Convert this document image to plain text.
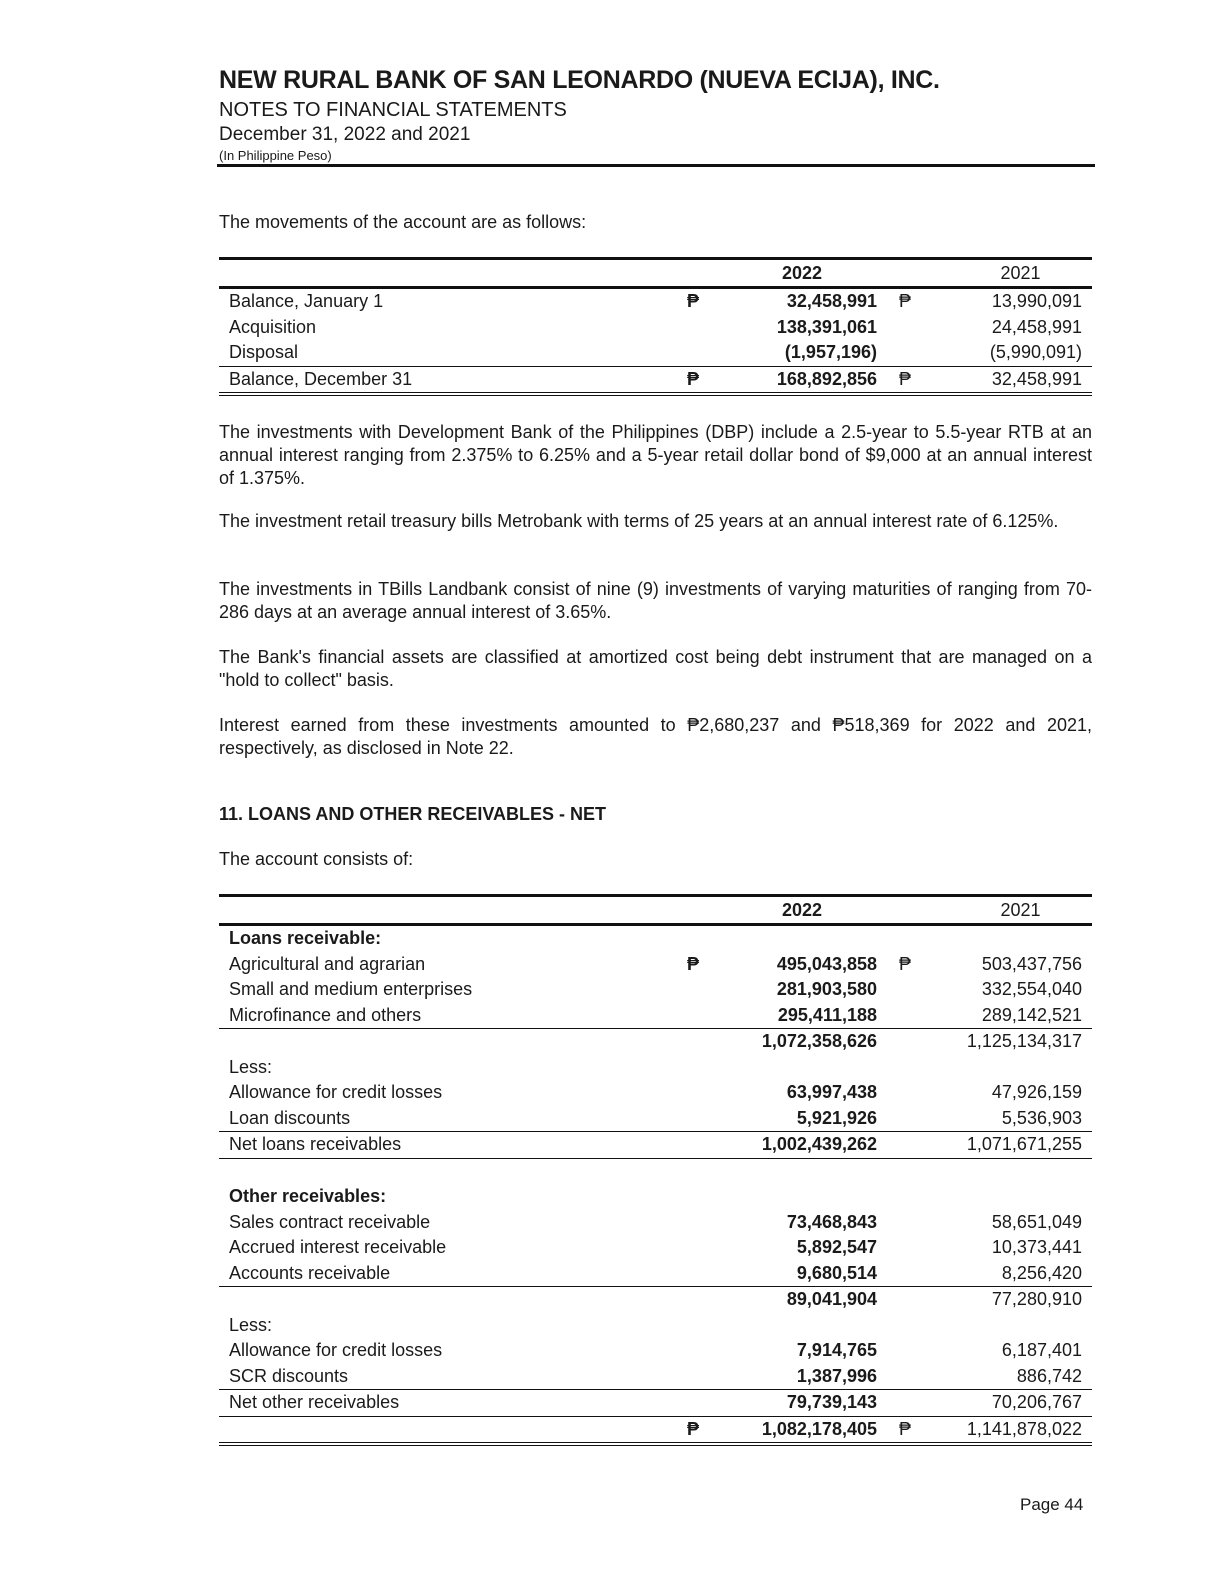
NEW RURAL BANK OF SAN LEONARDO (NUEVA ECIJA), INC.
NOTES TO FINANCIAL STATEMENTS
December 31, 2022 and 2021
(In Philippine Peso)
The movements of the account are as follows:
		2022		2021
Balance, January 1	₱	32,458,991	₱	13,990,091
Acquisition		138,391,061		24,458,991
Disposal		(1,957,196)		(5,990,091)
Balance, December 31	₱	168,892,856	₱	32,458,991
The investments with Development Bank of the Philippines (DBP) include a 2.5-year to 5.5-year RTB at an annual interest ranging from 2.375% to 6.25% and a 5-year retail dollar bond of $9,000 at an annual interest of 1.375%.
The investment retail treasury bills Metrobank with terms of 25 years at an annual interest rate of 6.125%.
The investments in TBills Landbank consist of nine (9) investments of varying maturities of ranging from 70-286 days at an average annual interest of 3.65%.
The Bank's financial assets are classified at amortized cost being debt instrument that are managed on a "hold to collect" basis.
Interest earned from these investments amounted to ₱2,680,237 and ₱518,369 for 2022 and 2021, respectively, as disclosed in Note 22.
11. LOANS AND OTHER RECEIVABLES - NET
The account consists of:
		2022		2021
Loans receivable:				
Agricultural and agrarian	₱	495,043,858	₱	503,437,756
Small and medium enterprises		281,903,580		332,554,040
Microfinance and others		295,411,188		289,142,521
		1,072,358,626		1,125,134,317
Less:				
Allowance for credit losses		63,997,438		47,926,159
Loan discounts		5,921,926		5,536,903
Net loans receivables		1,002,439,262		1,071,671,255

Other receivables:				
Sales contract receivable		73,468,843		58,651,049
Accrued interest receivable		5,892,547		10,373,441
Accounts receivable		9,680,514		8,256,420
		89,041,904		77,280,910
Less:				
Allowance for credit losses		7,914,765		6,187,401
SCR discounts		1,387,996		886,742
Net other receivables		79,739,143		70,206,767
	₱	1,082,178,405	₱	1,141,878,022
Page 44
